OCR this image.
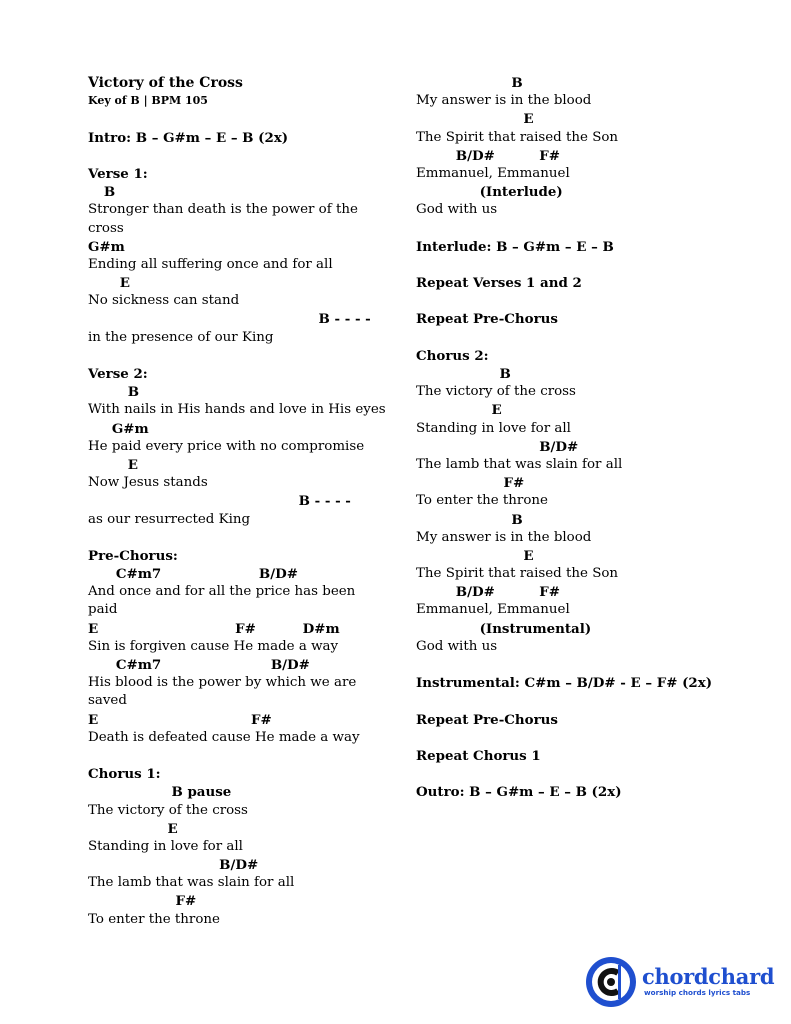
Victory of the Cross
Key of B | BPM 105
Intro: B – G#m – E – B (2x)
Verse 1:
B
Stronger than death is the power of the
cross
G#m
Ending all suffering once and for all
E
No sickness can stand
B - - - -
in the presence of our King
Verse 2:
B
With nails in His hands and love in His eyes
G#m
He paid every price with no compromise
E
Now Jesus stands
B - - - -
as our resurrected King
Pre-Chorus:
C#m7	B/D#
And once and for all the price has been
paid
E	F#	D#m
Sin is forgiven cause He made a way
C#m7	B/D#
His blood is the power by which we are
saved
E	F#
Death is defeated cause He made a way
Chorus 1:
B pause
The victory of the cross
E
Standing in love for all
B/D#
The lamb that was slain for all
F#
To enter the throne
B
My answer is in the blood
E
The Spirit that raised the Son
B/D#	F#
Emmanuel, Emmanuel
(Interlude)
God with us
Interlude: B – G#m – E – B
Repeat Verses 1 and 2
Repeat Pre-Chorus
Chorus 2:
B
The victory of the cross
E
Standing in love for all
B/D#
The lamb that was slain for all
F#
To enter the throne
B
My answer is in the blood
E
The Spirit that raised the Son
B/D#	F#
Emmanuel, Emmanuel
(Instrumental)
God with us
Instrumental: C#m – B/D# - E – F# (2x)
Repeat Pre-Chorus
Repeat Chorus 1
Outro: B – G#m – E – B (2x)
chordchard
worship chords lyrics tabs
